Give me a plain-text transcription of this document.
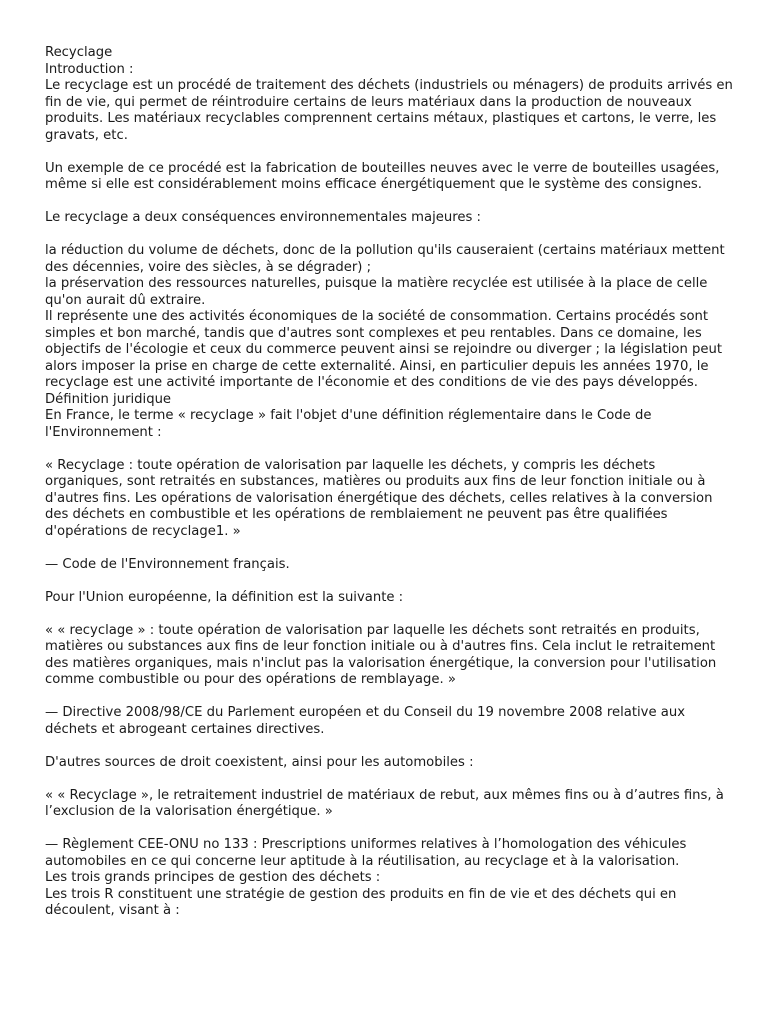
Recyclage
Introduction :
Le recyclage est un procédé de traitement des déchets (industriels ou ménagers) de produits arrivés en fin de vie, qui permet de réintroduire certains de leurs matériaux dans la production de nouveaux produits. Les matériaux recyclables comprennent certains métaux, plastiques et cartons, le verre, les gravats, etc.
Un exemple de ce procédé est la fabrication de bouteilles neuves avec le verre de bouteilles usagées, même si elle est considérablement moins efficace énergétiquement que le système des consignes.
Le recyclage a deux conséquences environnementales majeures :
la réduction du volume de déchets, donc de la pollution qu'ils causeraient (certains matériaux mettent des décennies, voire des siècles, à se dégrader) ;
la préservation des ressources naturelles, puisque la matière recyclée est utilisée à la place de celle qu'on aurait dû extraire.
Il représente une des activités économiques de la société de consommation. Certains procédés sont simples et bon marché, tandis que d'autres sont complexes et peu rentables. Dans ce domaine, les objectifs de l'écologie et ceux du commerce peuvent ainsi se rejoindre ou diverger ; la législation peut alors imposer la prise en charge de cette externalité. Ainsi, en particulier depuis les années 1970, le recyclage est une activité importante de l'économie et des conditions de vie des pays développés.
Définition juridique
En France, le terme « recyclage » fait l'objet d'une définition réglementaire dans le Code de l'Environnement :
« Recyclage : toute opération de valorisation par laquelle les déchets, y compris les déchets organiques, sont retraités en substances, matières ou produits aux fins de leur fonction initiale ou à d'autres fins. Les opérations de valorisation énergétique des déchets, celles relatives à la conversion des déchets en combustible et les opérations de remblaiement ne peuvent pas être qualifiées d'opérations de recyclage1. »
— Code de l'Environnement français.
Pour l'Union européenne, la définition est la suivante :
« « recyclage » : toute opération de valorisation par laquelle les déchets sont retraités en produits, matières ou substances aux fins de leur fonction initiale ou à d'autres fins. Cela inclut le retraitement des matières organiques, mais n'inclut pas la valorisation énergétique, la conversion pour l'utilisation comme combustible ou pour des opérations de remblayage. »
— Directive 2008/98/CE du Parlement européen et du Conseil du 19 novembre 2008 relative aux déchets et abrogeant certaines directives.
D'autres sources de droit coexistent, ainsi pour les automobiles :
« « Recyclage », le retraitement industriel de matériaux de rebut, aux mêmes fins ou à d’autres fins, à l’exclusion de la valorisation énergétique. »
— Règlement CEE-ONU no 133 : Prescriptions uniformes relatives à l’homologation des véhicules automobiles en ce qui concerne leur aptitude à la réutilisation, au recyclage et à la valorisation.
Les trois grands principes de gestion des déchets :
Les trois R constituent une stratégie de gestion des produits en fin de vie et des déchets qui en découlent, visant à :
